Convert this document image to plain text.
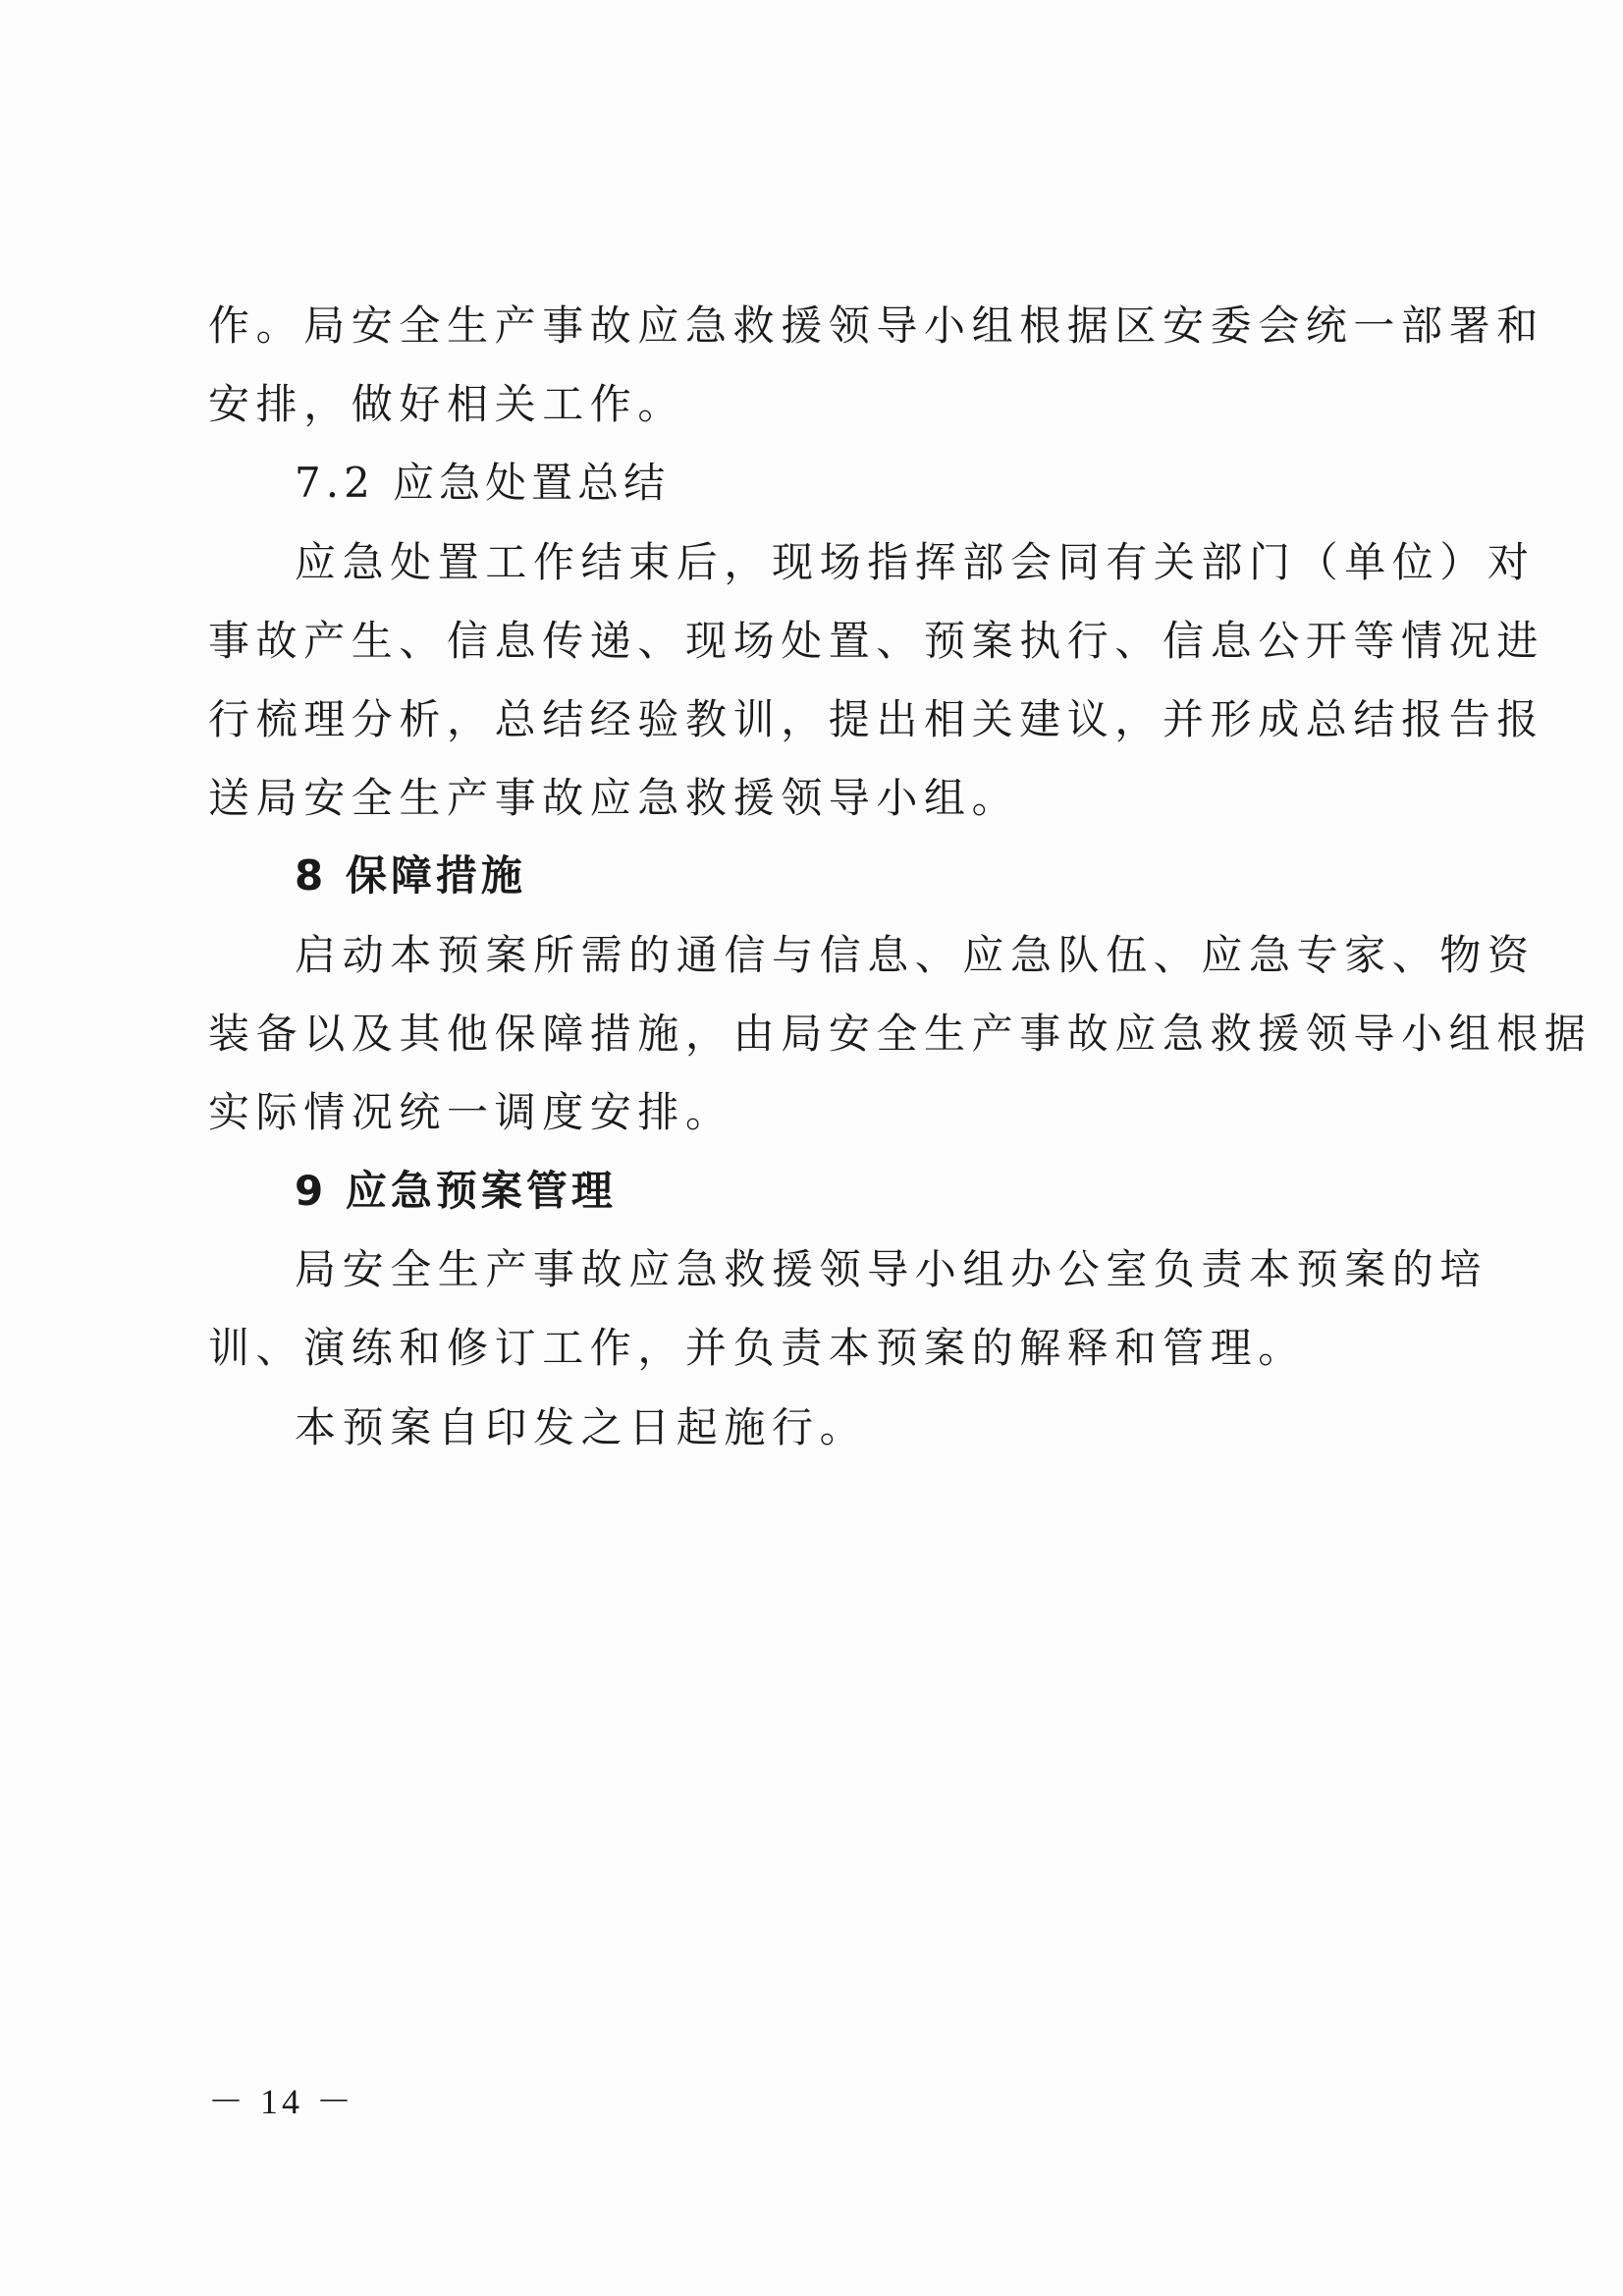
作。局安全生产事故应急救援领导小组根据区安委会统一部署和
安排，做好相关工作。
7.2 应急处置总结
应急处置工作结束后，现场指挥部会同有关部门（单位）对
事故产生、信息传递、现场处置、预案执行、信息公开等情况进
行梳理分析，总结经验教训，提出相关建议，并形成总结报告报
送局安全生产事故应急救援领导小组。
8 保障措施
启动本预案所需的通信与信息、应急队伍、应急专家、物资
装备以及其他保障措施，由局安全生产事故应急救援领导小组根据
实际情况统一调度安排。
9 应急预案管理
局安全生产事故应急救援领导小组办公室负责本预案的培
训、演练和修订工作，并负责本预案的解释和管理。
本预案自印发之日起施行。
－ 14 －
